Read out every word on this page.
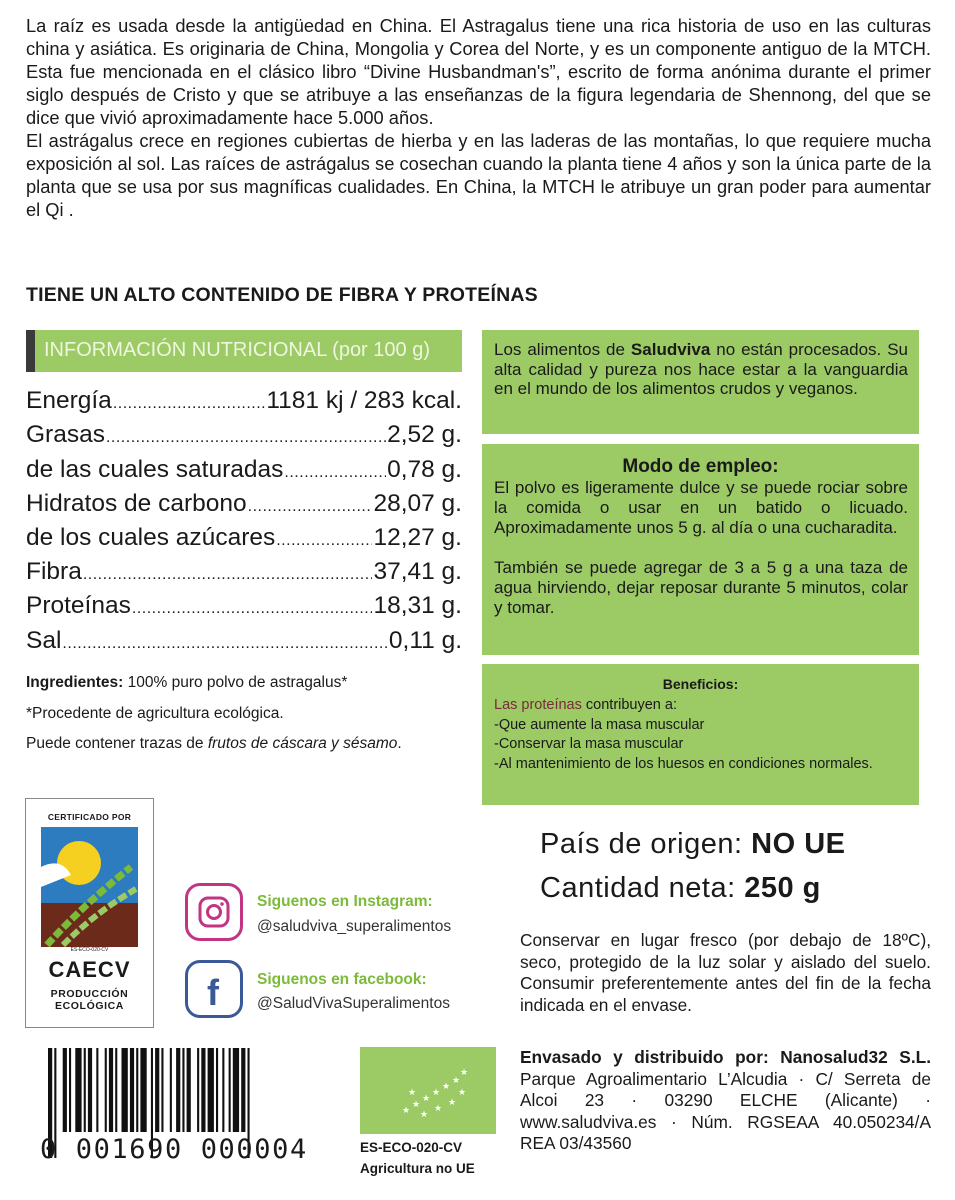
La raíz es usada desde la antigüedad en China. El Astragalus tiene una rica historia de uso en las culturas china y asiática. Es originaria de China, Mongolia y Corea del Norte, y es un componente antiguo de la MTCH. Esta fue mencionada en el clásico libro “Divine Husbandman's”, escrito de forma anónima durante el primer siglo después de Cristo y que se atribuye a las enseñanzas de la figura legendaria de Shennong, del que se dice que vivió aproximadamente hace 5.000 años.

El astrágalus crece en regiones cubiertas de hierba y en las laderas de las montañas, lo que requiere mucha exposición al sol. Las raíces de astrágalus se cosechan cuando la planta tiene 4 años y son la única parte de la planta que se usa por sus magníficas cualidades. En China, la MTCH le atribuye un gran poder para aumentar el Qi .

TIENE UN ALTO CONTENIDO DE FIBRA Y PROTEÍNAS
INFORMACIÓN NUTRICIONAL (por 100 g)
Energía .....	1181 kj / 283 kcal.
Grasas .....	2,52 g.
de las cuales saturadas .....	0,78 g.
Hidratos de carbono .....	28,07 g.
de los cuales azúcares .....	12,27 g.
Fibra .....	37,41 g.
Proteínas .....	18,31 g.
Sal .....	0,11 g.

Ingredientes: 100% puro polvo de astragalus*

*Procedente de agricultura ecológica.

Puede contener trazas de frutos de cáscara y sésamo.

Los alimentos de Saludviva no están procesados. Su alta calidad y pureza nos hace estar a la vanguardia en el mundo de los alimentos crudos y veganos.
Modo de empleo:

El polvo es ligeramente dulce y se puede rociar sobre la comida o usar en un batido o licuado. Aproximadamente unos 5 g. al día o una cucharadita.

También se puede agregar de 3 a 5 g a una taza de agua hirviendo, dejar reposar durante 5 minutos, colar y tomar.

Beneficios:
Las proteínas contribuyen a:
-Que aumente la masa muscular
-Conservar la masa muscular
-Al mantenimiento de los huesos en condiciones normales.
País de origen: NO UE
Cantidad neta: 250 g

Conservar en lugar fresco (por debajo de 18ºC), seco, protegido de la luz solar y aislado del suelo. Consumir preferentemente antes del fin de la fecha indicada en el envase.

Envasado y distribuido por: Nanosalud32 S.L. Parque Agroalimentario L’Alcudia · C/ Serreta de Alcoi 23 · 03290 ELCHE (Alicante) · www.saludviva.es · Núm. RGSEAA 40.050234/A REA 03/43560

CERTIFICADO POR
ES-ECO-020-CV
CAECV
PRODUCCIÓN
ECOLÓGICA
Siguenos en Instagram:
@saludviva_superalimentos
f Siguenos en facebook:
@SaludVivaSuperalimentos
0 001690 000004
★
★
★
★
★
★
★
★
★
★
★
★
ES-ECO-020-CV
Agricultura no UE
